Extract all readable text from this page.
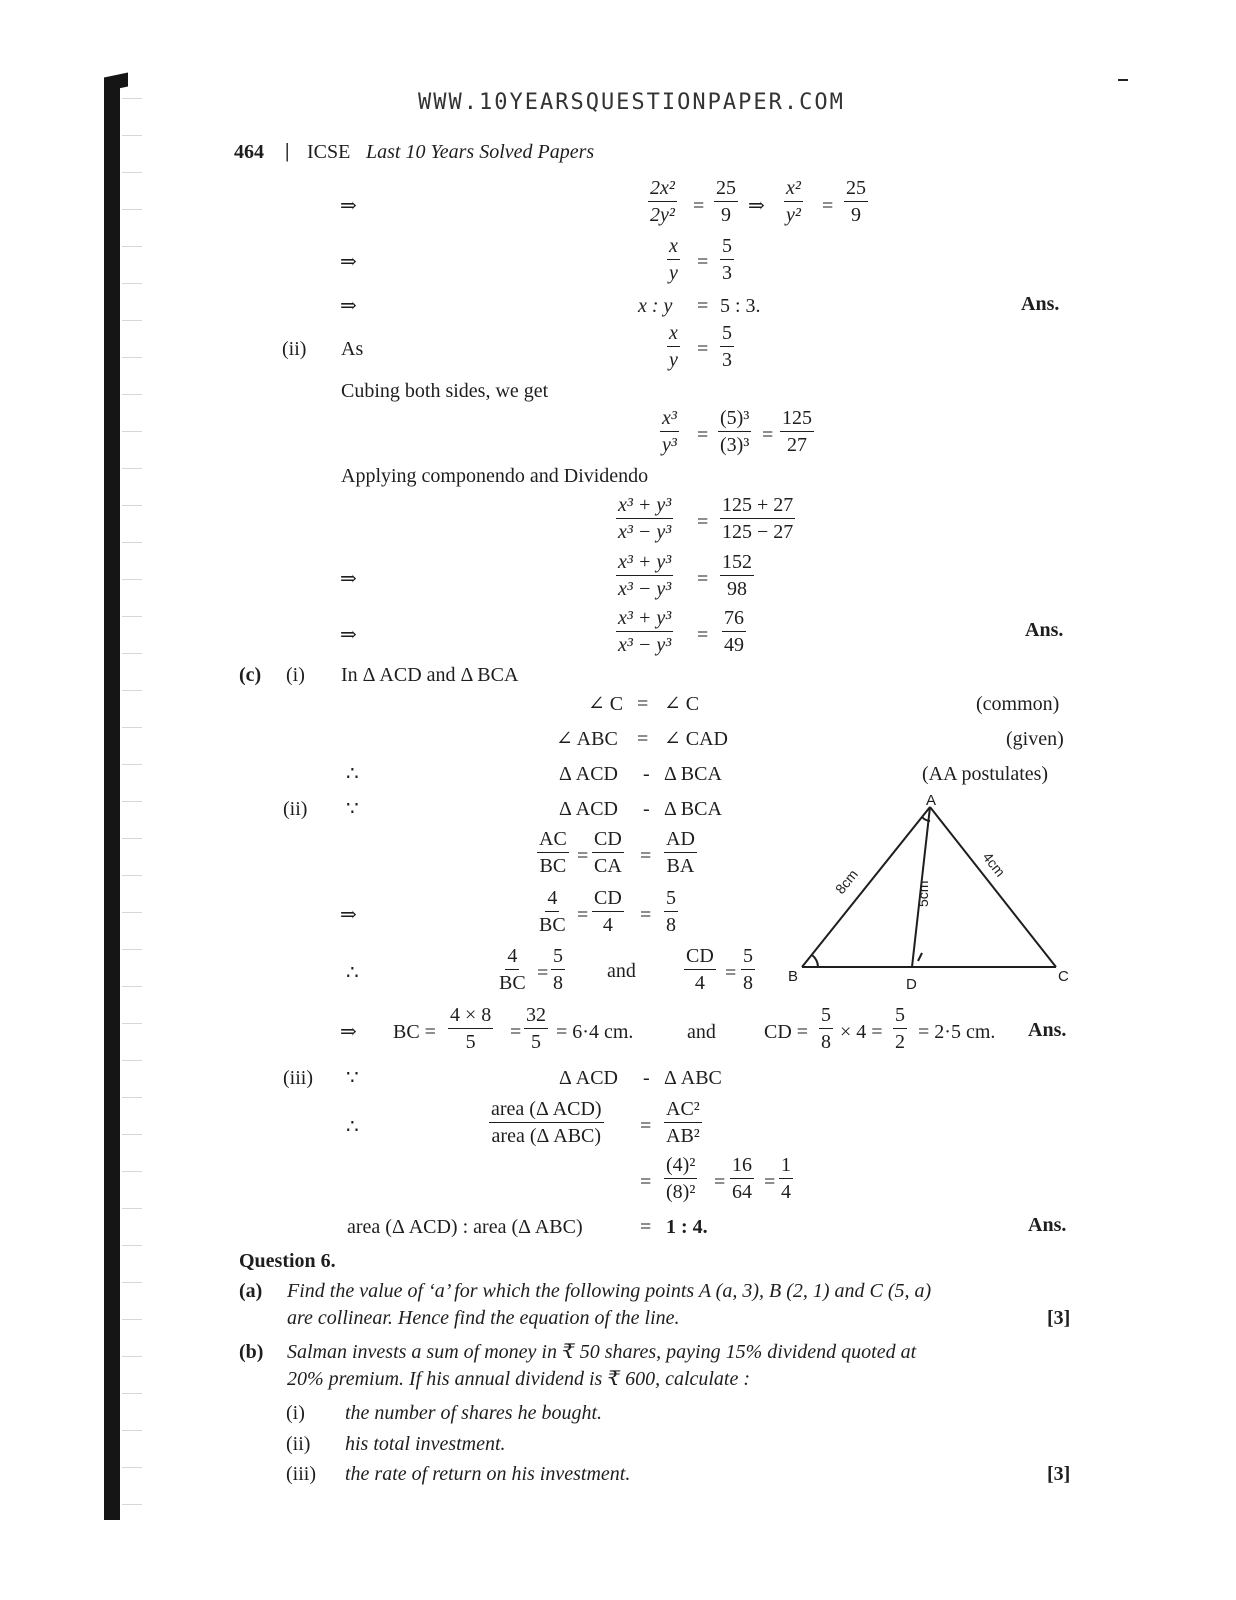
WWW.10YEARSQUESTIONPAPER.COM
464 | ICSE Last 10 Years Solved Papers
⇒	$\frac{\text{2x²}}{\text{2y²}} = \frac{25}{9}$ ⇒ $\frac{\text{x²}}{\text{y²}} = \frac{25}{9}$
⇒	$\frac{x}{y} = \frac{5}{3}$
⇒	x : y = 5 : 3.	Ans.
(ii) As	$\frac{x}{y} = \frac{5}{3}$
Cubing both sides, we get
$\frac{\text{x³}}{\text{y³}} = \frac{\text{(5)³}}{\text{(3)³}} = \frac{125}{27}$
Applying componendo and Dividendo
$\frac{\text{x³ + y³}}{\text{x³ − y³}} = \frac{125 + 27}{125 - 27}$
⇒	$\frac{\text{x³ + y³}}{\text{x³ − y³}} = \frac{152}{98}$
⇒	$\frac{\text{x³ + y³}}{\text{x³ − y³}} = \frac{76}{49}$	Ans.
(c) (i) In Δ ACD and Δ BCA
∠ C = ∠ C	(common)
∠ ABC = ∠ CAD	(given)
∴	Δ ACD - Δ BCA	(AA postulates)
(ii) ∵	Δ ACD - Δ BCA
$\frac{AC}{BC} = \frac{CD}{CA} = \frac{AD}{BA}$
⇒	$\frac{4}{BC} = \frac{CD}{4} = \frac{5}{8}$
∴	$\frac{4}{BC} = \frac{5}{8}$ and $\frac{CD}{4} = \frac{5}{8}$
⇒ BC = $\frac{4 \times 8}{5} = \frac{32}{5} = 6\cdot 4$ cm.	and CD = $\frac{5}{8} \times 4 = \frac{5}{2} = 2\cdot 5$ cm. Ans.
(iii) ∵	Δ ACD - Δ ABC
∴
area (Δ ACD)
area (Δ $ABC) = \frac{\text{AC²}}{\text{AB²}}$
= $\frac{\text{(4)²}}{\text{(8)²}} = \frac{16}{64} = \frac{1}{4}$
area (Δ ACD) : area (Δ ABC)	= 1 : 4.	Ans.
A
B	C
D
8cm	5cm
4cm
Question 6.
(a) Find the value of ‘a’ for which the following points A (a, 3), B (2, 1) and C (5, a)
are collinear. Hence find the equation of the line.	[3]
(b) Salman invests a sum of money in ₹ 50 shares, paying 15% dividend quoted at
20% premium. If his annual dividend is ₹ 600, calculate :
(i) the number of shares he bought.
(ii) his total investment.
(iii) the rate of return on his investment.	[3]
